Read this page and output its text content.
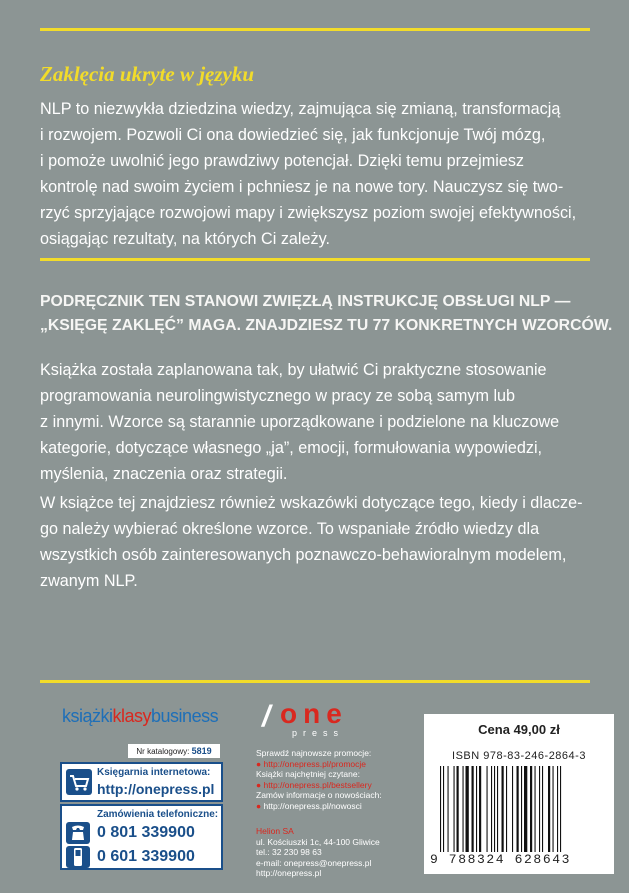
Zaklęcia ukryte w języku

NLP to niezwykła dziedzina wiedzy, zajmująca się zmianą, transformacją
i rozwojem. Pozwoli Ci ona dowiedzieć się, jak funkcjonuje Twój mózg,
i pomoże uwolnić jego prawdziwy potencjał. Dzięki temu przejmiesz
kontrolę nad swoim życiem i pchniesz je na nowe tory. Nauczysz się two-
rzyć sprzyjające rozwojowi mapy i zwiększysz poziom swojej efektywności,
osiągając rezultaty, na których Ci zależy.

PODRĘCZNIK TEN STANOWI ZWIĘZŁĄ INSTRUKCJĘ OBSŁUGI NLP —
„KSIĘGĘ ZAKLĘĆ” MAGA. ZNAJDZIESZ TU 77 KONKRETNYCH WZORCÓW.

Książka została zaplanowana tak, by ułatwić Ci praktyczne stosowanie
programowania neurolingwistycznego w pracy ze sobą samym lub
z innymi. Wzorce są starannie uporządkowane i podzielone na kluczowe
kategorie, dotyczące własnego „ja”, emocji, formułowania wypowiedzi,
myślenia, znaczenia oraz strategii.

W książce tej znajdziesz również wskazówki dotyczące tego, kiedy i dlacze-
go należy wybierać określone wzorce. To wspaniałe źródło wiedzy dla
wszystkich osób zainteresowanych poznawczo-behawioralnym modelem,
zwanym NLP.

książkiklasybusiness
Nr katalogowy: 5819
Księgarnia internetowa:
http://onepress.pl
Zamówienia telefoniczne:
0 801 339900
0 601 339900
/ one
press
Sprawdź najnowsze promocje:
● http://onepress.pl/promocje
Książki najchętniej czytane:
● http://onepress.pl/bestsellery
Zamów informacje o nowościach:
● http://onepress.pl/nowosci
Helion SA
ul. Kościuszki 1c, 44-100 Gliwice
tel.: 32 230 98 63
e-mail: onepress@onepress.pl
http://onepress.pl
Cena 49,00 zł
ISBN 978-83-246-2864-3
9 788324 628643
